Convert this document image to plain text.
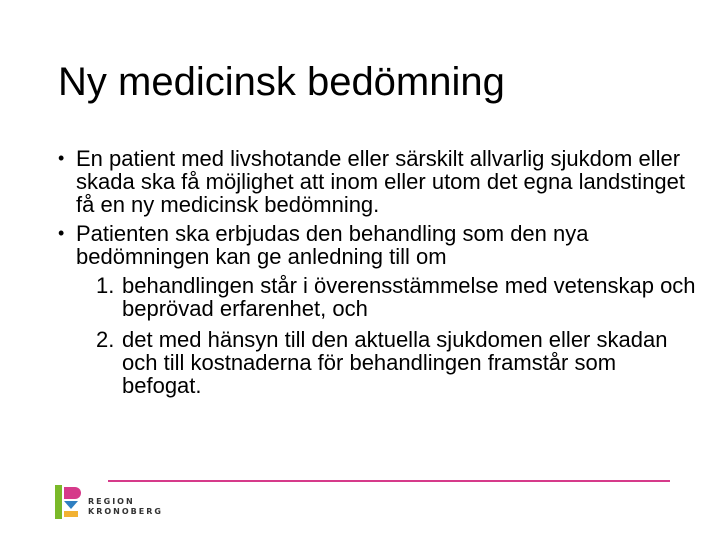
Ny medicinsk bedömning
• En patient med livshotande eller särskilt allvarlig sjukdom eller skada ska få möjlighet att inom eller utom det egna landstinget få en ny medicinsk bedömning.
• Patienten ska erbjudas den behandling som den nya bedömningen kan ge anledning till om
1. behandlingen står i överensstämmelse med vetenskap och beprövad erfarenhet, och
2. det med hänsyn till den aktuella sjukdomen eller skadan och till kostnaderna för behandlingen framstår som befogat.
REGION
KRONOBERG
